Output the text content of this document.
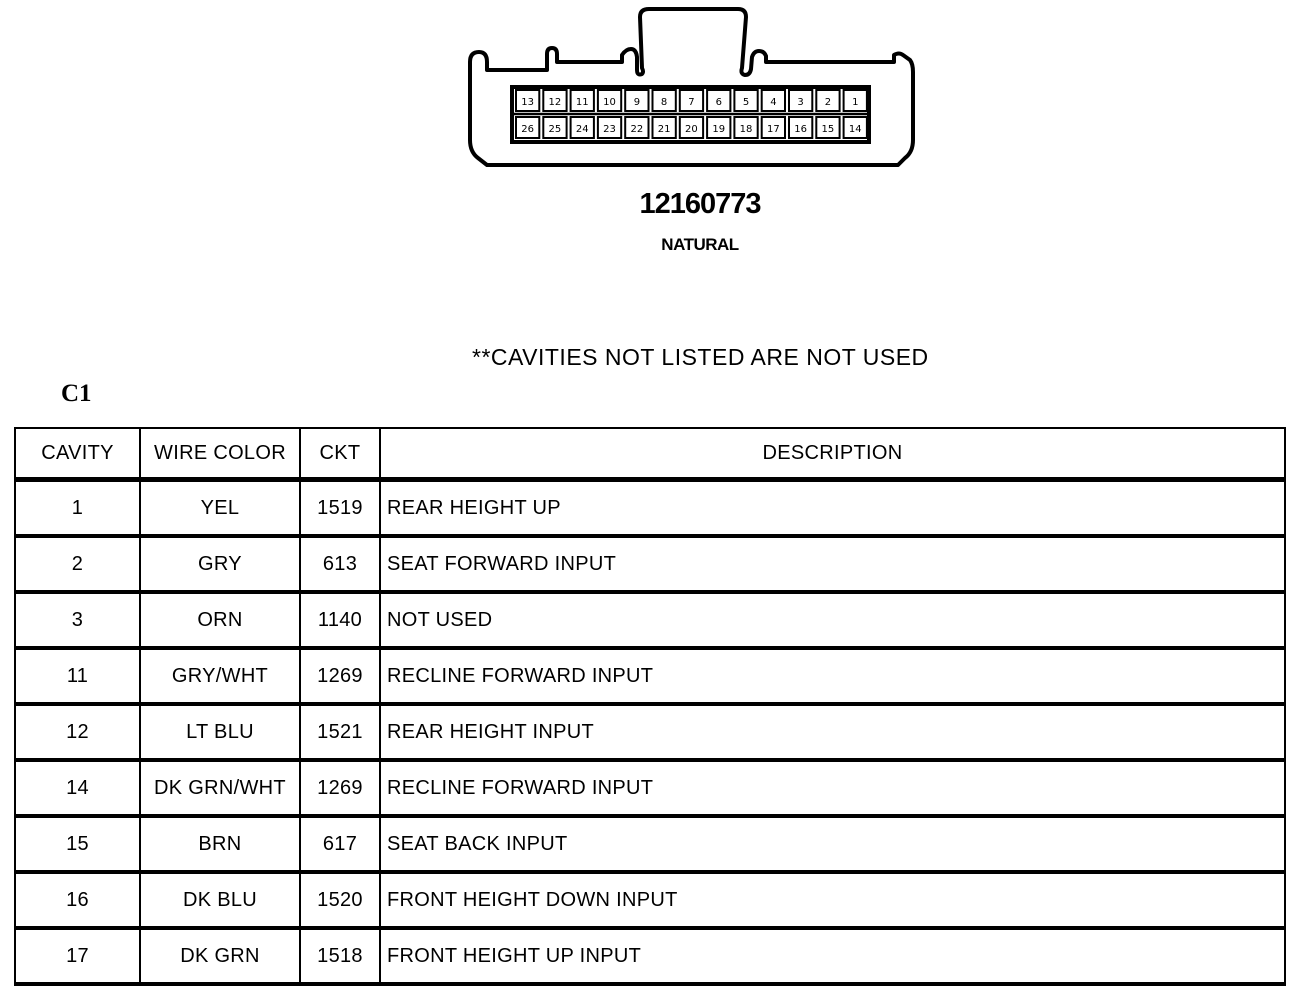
13 12 11 10 9 8 7 6 5 4 3 2 1
26 25 24 23 22 21 20 19 18 17 16 15 14
12160773
NATURAL
**CAVITIES NOT LISTED ARE NOT USED
C1
CAVITY	WIRE COLOR	CKT	DESCRIPTION
1	YEL	1519	REAR HEIGHT UP
2	GRY	613	SEAT FORWARD INPUT
3	ORN	1140	NOT USED
11	GRY/WHT	1269	RECLINE FORWARD INPUT
12	LT BLU	1521	REAR HEIGHT INPUT
14	DK GRN/WHT	1269	RECLINE FORWARD INPUT
15	BRN	617	SEAT BACK INPUT
16	DK BLU	1520	FRONT HEIGHT DOWN INPUT
17	DK GRN	1518	FRONT HEIGHT UP INPUT
